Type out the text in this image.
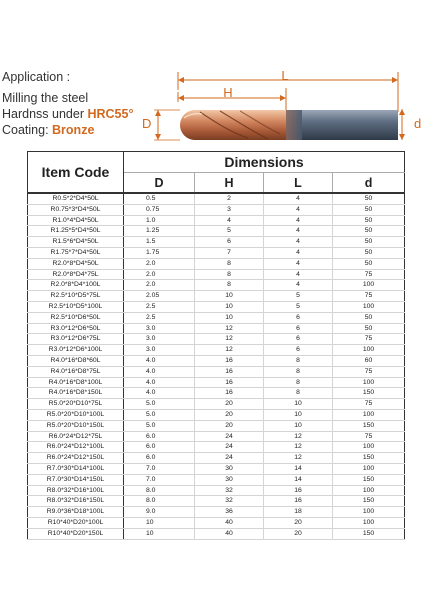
Application :
Milling the steel
Hardnss under HRC55°
Coating: Bronze
L
H
D	d
Item Code	Dimensions			
	D	H	L	d
R0.5*2*D4*50L	0.5	2	4	50
R0.75*3*D4*50L	0.75	3	4	50
R1.0*4*D4*50L	1.0	4	4	50
R1.25*5*D4*50L	1.25	5	4	50
R1.5*6*D4*50L	1.5	6	4	50
R1.75*7*D4*50L	1.75	7	4	50
R2.0*8*D4*50L	2.0	8	4	50
R2.0*8*D4*75L	2.0	8	4	75
R2.0*8*D4*100L	2.0	8	4	100
R2.5*10*D5*75L	2.05	10	5	75
R2.5*10*D5*100L	2.5	10	5	100
R2.5*10*D6*50L	2.5	10	6	50
R3.0*12*D6*50L	3.0	12	6	50
R3.0*12*D6*75L	3.0	12	6	75
R3.0*12*D6*100L	3.0	12	6	100
R4.0*16*D8*60L	4.0	16	8	60
R4.0*16*D8*75L	4.0	16	8	75
R4.0*16*D8*100L	4.0	16	8	100
R4.0*16*D8*150L	4.0	16	8	150
R5.0*20*D10*75L	5.0	20	10	75
R5.0*20*D10*100L	5.0	20	10	100
R5.0*20*D10*150L	5.0	20	10	150
R6.0*24*D12*75L	6.0	24	12	75
R6.0*24*D12*100L	6.0	24	12	100
R6.0*24*D12*150L	6.0	24	12	150
R7.0*30*D14*100L	7.0	30	14	100
R7.0*30*D14*150L	7.0	30	14	150
R8.0*32*D16*100L	8.0	32	16	100
R8.0*32*D16*150L	8.0	32	16	150
R9.0*36*D18*100L	9.0	36	18	100
R10*40*D20*100L	10	40	20	100
R10*40*D20*150L	10	40	20	150
